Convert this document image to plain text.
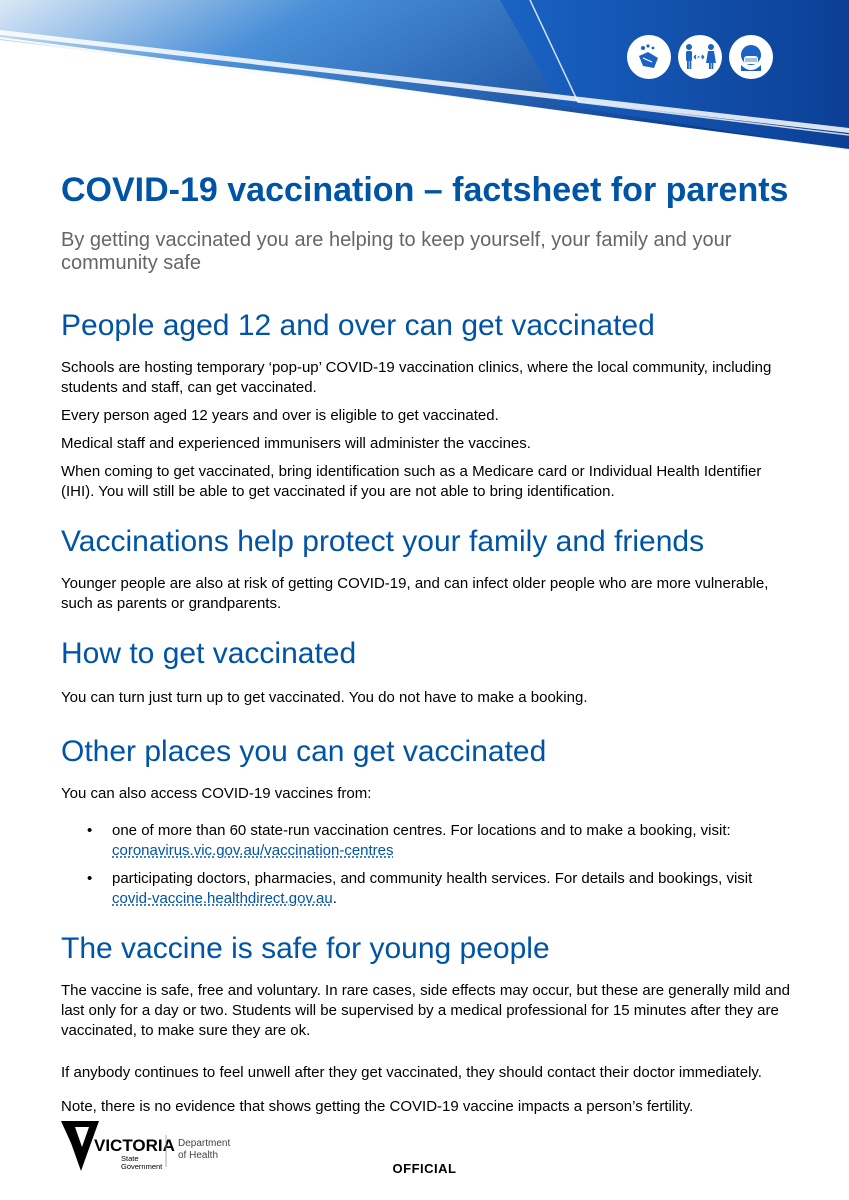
COVID-19 vaccination – factsheet for parents

By getting vaccinated you are helping to keep yourself, your family and your community safe

People aged 12 and over can get vaccinated

Schools are hosting temporary ‘pop-up’ COVID-19 vaccination clinics, where the local community, including students and staff, can get vaccinated.

Every person aged 12 years and over is eligible to get vaccinated.

Medical staff and experienced immunisers will administer the vaccines.

When coming to get vaccinated, bring identification such as a Medicare card or Individual Health Identifier (IHI). You will still be able to get vaccinated if you are not able to bring identification.

Vaccinations help protect your family and friends

Younger people are also at risk of getting COVID-19, and can infect older people who are more vulnerable, such as parents or grandparents.

How to get vaccinated

You can turn just turn up to get vaccinated. You do not have to make a booking.

Other places you can get vaccinated

You can also access COVID-19 vaccines from:

• one of more than 60 state-run vaccination centres. For locations and to make a booking, visit: coronavirus.vic.gov.au/vaccination-centres
• participating doctors, pharmacies, and community health services. For details and bookings, visit covid-vaccine.healthdirect.gov.au.
The vaccine is safe for young people

The vaccine is safe, free and voluntary. In rare cases, side effects may occur, but these are generally mild and last only for a day or two. Students will be supervised by a medical professional for 15 minutes after they are vaccinated, to make sure they are ok.

If anybody continues to feel unwell after they get vaccinated, they should contact their doctor immediately.

Note, there is no evidence that shows getting the COVID-19 vaccine impacts a person’s fertility.

VICTORIA
State
Government
Department
of Health
OFFICIAL
